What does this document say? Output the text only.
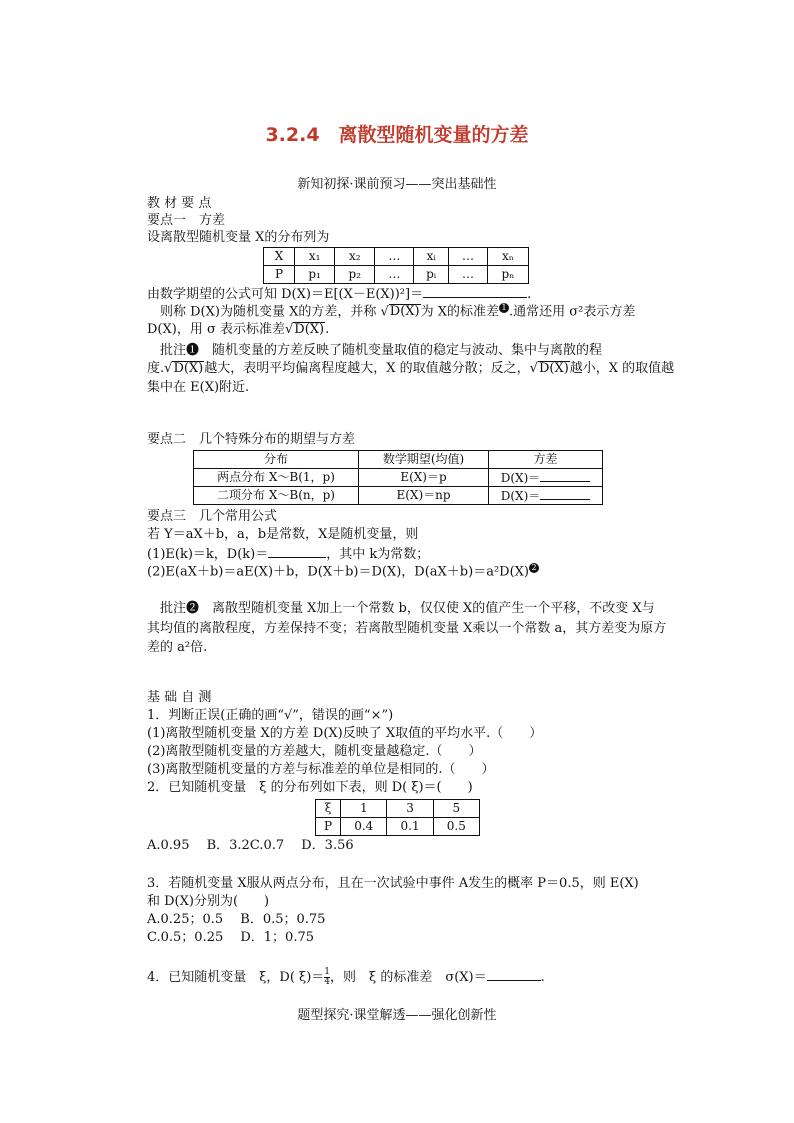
3.2.4　离散型随机变量的方差
新知初探·课前预习——突出基础性
教 材 要 点
要点一　方差
设离散型随机变量 X的分布列为
X	x₁	x₂	…	xᵢ	…	xₙ
P	p₁	p₂	…	pᵢ	…	pₙ
由数学期望的公式可知 D(X)＝E[(X－E(X))²]＝	.
则称 D(X)为随机变量 X的方差，并称 √D(X)为 X的标准差 1 .通常还用 σ²表示方差
D(X)，用 σ 表示标准差√D(X).
批注❶　随机变量的方差反映了随机变量取值的稳定与波动、集中与离散的程
度.√D(X)越大，表明平均偏离程度越大，X 的取值越分散；反之，√D(X)越小，X 的取值越
集中在 E(X)附近.
要点二　几个特殊分布的期望与方差
分布	数学期望(均值)	方差
两点分布 X～B(1，p)	E(X)＝p	D(X)＝
二项分布 X～B(n，p)	E(X)＝np	D(X)＝
要点三　几个常用公式
若 Y＝aX＋b，a，b是常数，X是随机变量，则
(1)E(k)＝k，D(k)＝	，其中 k为常数；
(2)E(aX＋b)＝aE(X)＋b，D(X＋b)＝D(X)，D(aX＋b)＝a²D(X) 2
批注❷　离散型随机变量 X加上一个常数 b，仅仅使 X的值产生一个平移，不改变 X与
其均值的离散程度，方差保持不变；若离散型随机变量 X乘以一个常数 a，其方差变为原方
差的 a²倍.
基 础 自 测
1．判断正误(正确的画“√”，错误的画“×”)
(1)离散型随机变量 X的方差 D(X)反映了 X取值的平均水平.（　　）
(2)离散型随机变量的方差越大，随机变量越稳定.（　　）
(3)离散型随机变量的方差与标准差的单位是相同的.（　　）
2．已知随机变量　ξ 的分布列如下表，则 D( ξ)＝(　　)
ξ	1	3	5
P	0.4	0.1	0.5
A.0.95　 B．3.2C.0.7　 D．3.56
3．若随机变量 X服从两点分布，且在一次试验中事件 A发生的概率 P＝0.5，则 E(X)
和 D(X)分别为(　　)
A.0.25；0.5　 B．0.5；0.75
C.0.5；0.25　 D．1；0.75
4．已知随机变量　ξ，D( $\xi)= \frac{1}{4}$ ，则　ξ 的标准差　σ(X)＝	.
题型探究·课堂解透——强化创新性
